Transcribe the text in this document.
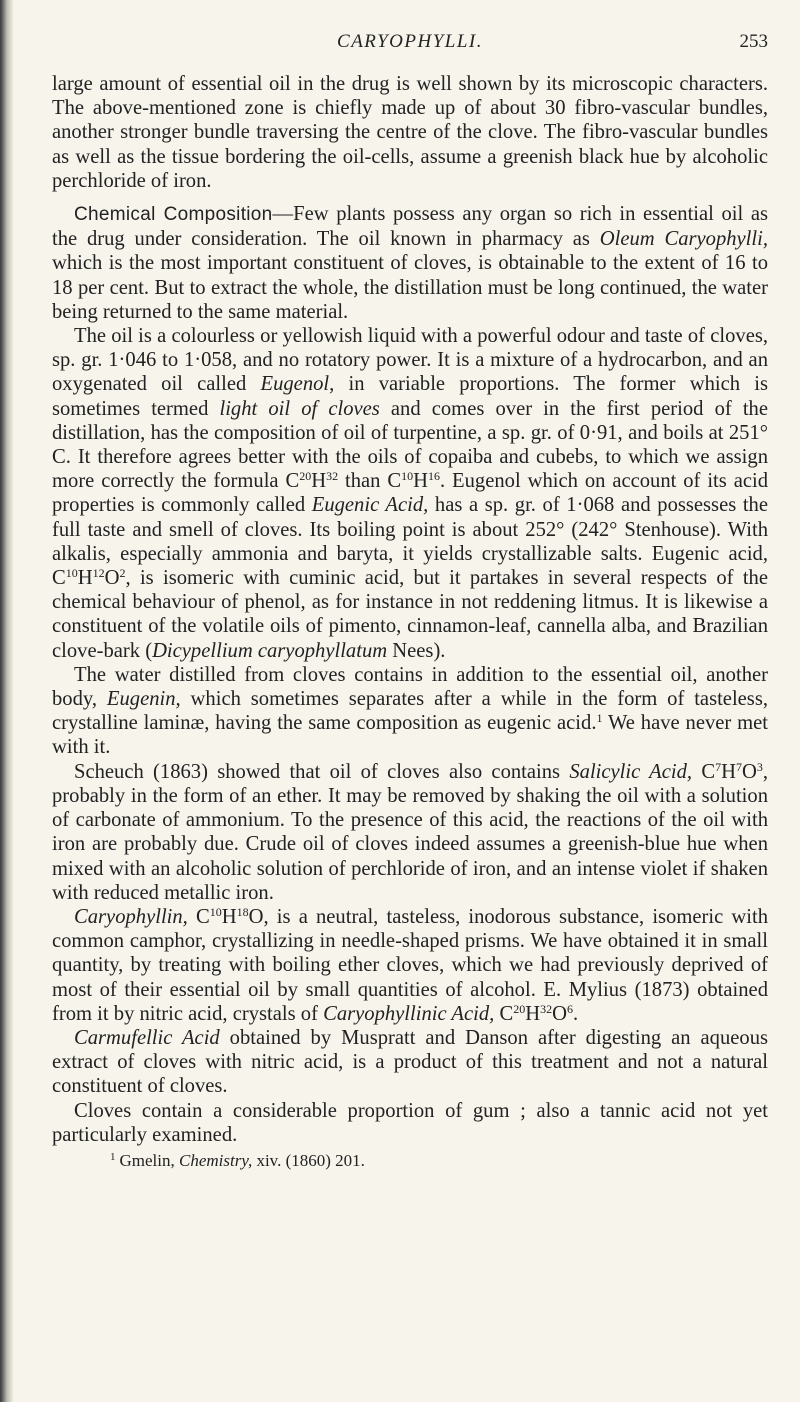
CARYOPHYLLI.	253

large amount of essential oil in the drug is well shown by its microscopic characters. The above-mentioned zone is chiefly made up of about 30 fibro-vascular bundles, another stronger bundle traversing the centre of the clove. The fibro-vascular bundles as well as the tissue bordering the oil-cells, assume a greenish black hue by alcoholic perchloride of iron.

Chemical Composition—Few plants possess any organ so rich in essential oil as the drug under consideration. The oil known in pharmacy as Oleum Caryophylli, which is the most important constituent of cloves, is obtainable to the extent of 16 to 18 per cent. But to extract the whole, the distillation must be long continued, the water being returned to the same material.

The oil is a colourless or yellowish liquid with a powerful odour and taste of cloves, sp. gr. 1·046 to 1·058, and no rotatory power. It is a mixture of a hydrocarbon, and an oxygenated oil called Eugenol, in variable proportions. The former which is sometimes termed light oil of cloves and comes over in the first period of the distillation, has the composition of oil of turpentine, a sp. gr. of 0·91, and boils at 251° C. It therefore agrees better with the oils of copaiba and cubebs, to which we assign more correctly the formula $C^{20}H^{32}$ than $C^{10}H^{16}$. Eugenol which on account of its acid properties is commonly called Eugenic Acid, has a sp. gr. of 1·068 and possesses the full taste and smell of cloves. Its boiling point is about 252° (242° Stenhouse). With alkalis, especially ammonia and baryta, it yields crystallizable salts. Eugenic acid, $C^{10}H^{12}O^2$, is isomeric with cuminic acid, but it partakes in several respects of the chemical behaviour of phenol, as for instance in not reddening litmus. It is likewise a constituent of the volatile oils of pimento, cinnamon-leaf, cannella alba, and Brazilian clove-bark (Dicypellium caryophyllatum Nees).

The water distilled from cloves contains in addition to the essential oil, another body, Eugenin, which sometimes separates after a while in the form of tasteless, crystalline laminæ, having the same composition as eugenic acid.$^1$ We have never met with it.

Scheuch (1863) showed that oil of cloves also contains Salicylic Acid, $C^7H^7O^3$, probably in the form of an ether. It may be removed by shaking the oil with a solution of carbonate of ammonium. To the presence of this acid, the reactions of the oil with iron are probably due. Crude oil of cloves indeed assumes a greenish-blue hue when mixed with an alcoholic solution of perchloride of iron, and an intense violet if shaken with reduced metallic iron.

Caryophyllin, $C^{10}H^{18}O$, is a neutral, tasteless, inodorous substance, isomeric with common camphor, crystallizing in needle-shaped prisms. We have obtained it in small quantity, by treating with boiling ether cloves, which we had previously deprived of most of their essential oil by small quantities of alcohol. E. Mylius (1873) obtained from it by nitric acid, crystals of Caryophyllinic Acid, $C^{20}H^{32}O^6$.

Carmufellic Acid obtained by Muspratt and Danson after digesting an aqueous extract of cloves with nitric acid, is a product of this treatment and not a natural constituent of cloves.

Cloves contain a considerable proportion of gum ; also a tannic acid not yet particularly examined.

$^1$ Gmelin, Chemistry, xiv. (1860) 201.
